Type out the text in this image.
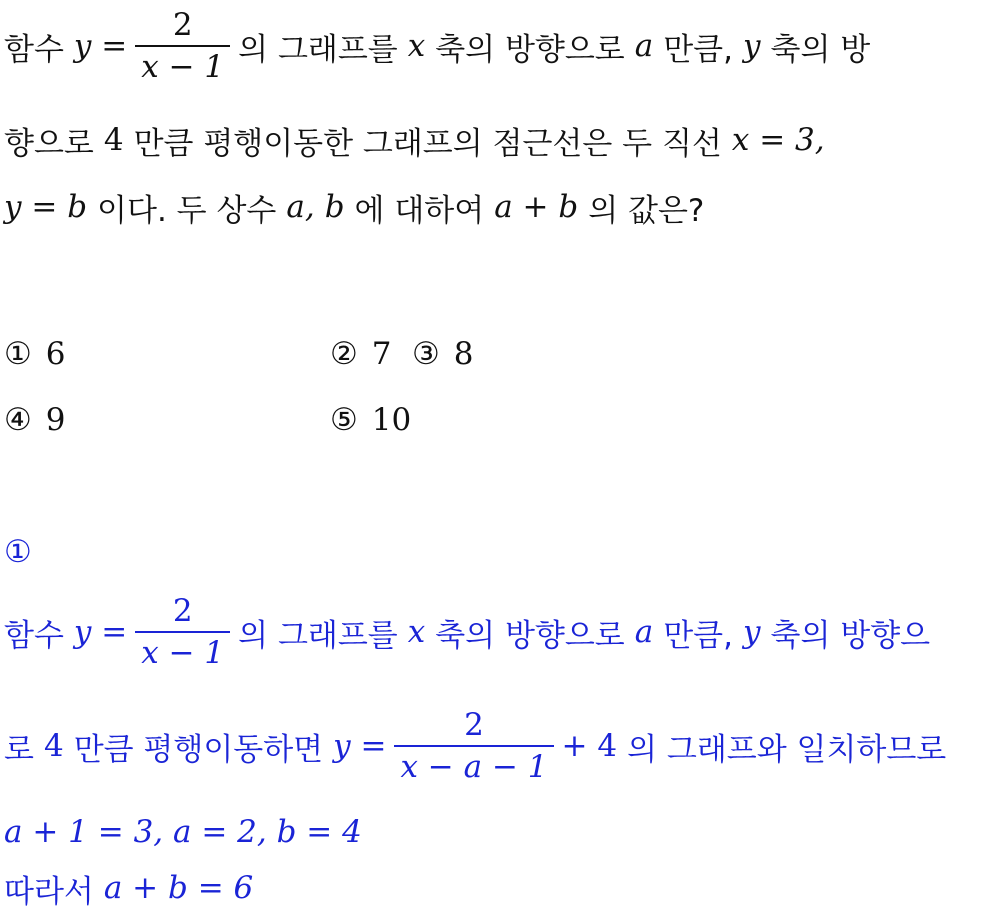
함수 $y = \frac{2}{x - 1}$ 의 그래프를 x 축의 방향으로 a 만큼, y 축의 방
향으로 4 만큼 평행이동한 그래프의 점근선은 두 직선 x = 3,
y = b 이다. 두 상수 a, b 에 대하여 a + b 의 값은?
① 6	② 7 ③ 8
④ 9	⑤ 10
①
함수 $y = \frac{2}{x - 1}$ 의 그래프를 x 축의 방향으로 a 만큼, y 축의 방향으
로 4 만큼 평행이동하면 $y = \frac{2}{x - a - 1} + 4$ 의 그래프와 일치하므로
a + 1 = 3, a = 2, b = 4
따라서 a + b = 6
